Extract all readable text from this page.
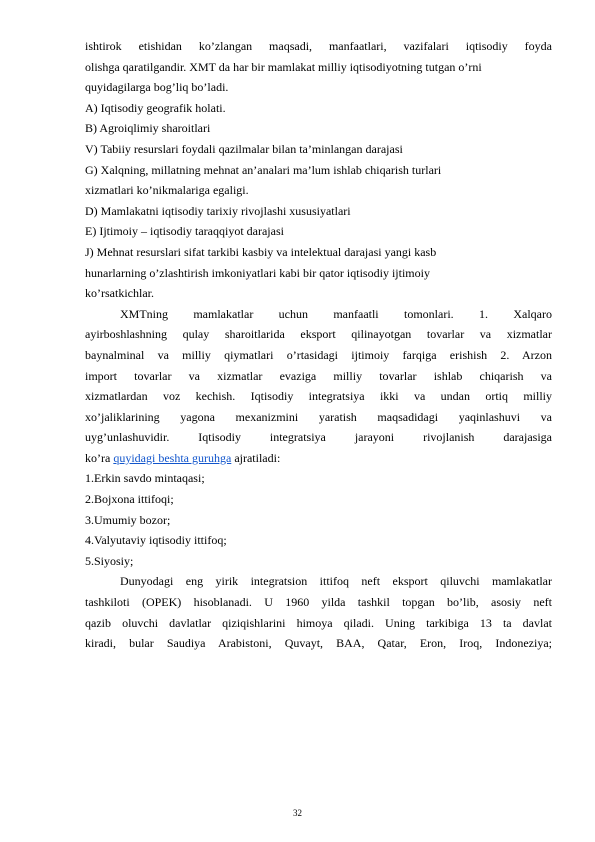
ishtirok etishidan ko’zlangan maqsadi, manfaatlari, vazifalari iqtisodiy foyda
olishga qaratilgandir. XMT da har bir mamlakat milliy iqtisodiyotning tutgan o’rni
quyidagilarga bog’liq bo’ladi.
A) Iqtisodiy geografik holati.
B) Agroiqlimiy sharoitlari
V) Tabiiy resurslari foydali qazilmalar bilan ta’minlangan darajasi
G) Xalqning, millatning mehnat an’analari ma’lum ishlab chiqarish turlari
xizmatlari ko’nikmalariga egaligi.
D) Mamlakatni iqtisodiy tarixiy rivojlashi xususiyatlari
E) Ijtimoiy – iqtisodiy taraqqiyot darajasi
J) Mehnat resurslari sifat tarkibi kasbiy va intelektual darajasi yangi kasb
hunarlarning o’zlashtirish imkoniyatlari kabi bir qator iqtisodiy ijtimoiy
ko’rsatkichlar.
XMTning mamlakatlar uchun manfaatli tomonlari. 1. Xalqaro
ayirboshlashning qulay sharoitlarida eksport qilinayotgan tovarlar va xizmatlar
baynalminal va milliy qiymatlari o’rtasidagi ijtimoiy farqiga erishish 2. Arzon
import tovarlar va xizmatlar evaziga milliy tovarlar ishlab chiqarish va
xizmatlardan voz kechish. Iqtisodiy integratsiya ikki va undan ortiq milliy
xo’jaliklarining yagona mexanizmini yaratish maqsadidagi yaqinlashuvi va
uyg’unlashuvidir. Iqtisodiy integratsiya jarayoni rivojlanish darajasiga
ko’ra quyidagi beshta guruhga ajratiladi:
1.Erkin savdo mintaqasi;
2.Bojxona ittifoqi;
3.Umumiy bozor;
4.Valyutaviy iqtisodiy ittifoq;
5.Siyosiy;
Dunyodagi eng yirik integratsion ittifoq neft eksport qiluvchi mamlakatlar
tashkiloti (OPEK) hisoblanadi. U 1960 yilda tashkil topgan bo’lib, asosiy neft
qazib oluvchi davlatlar qiziqishlarini himoya qiladi. Uning tarkibiga 13 ta davlat
kiradi, bular Saudiya Arabistoni, Quvayt, BAA, Qatar, Eron, Iroq, Indoneziya;
32
